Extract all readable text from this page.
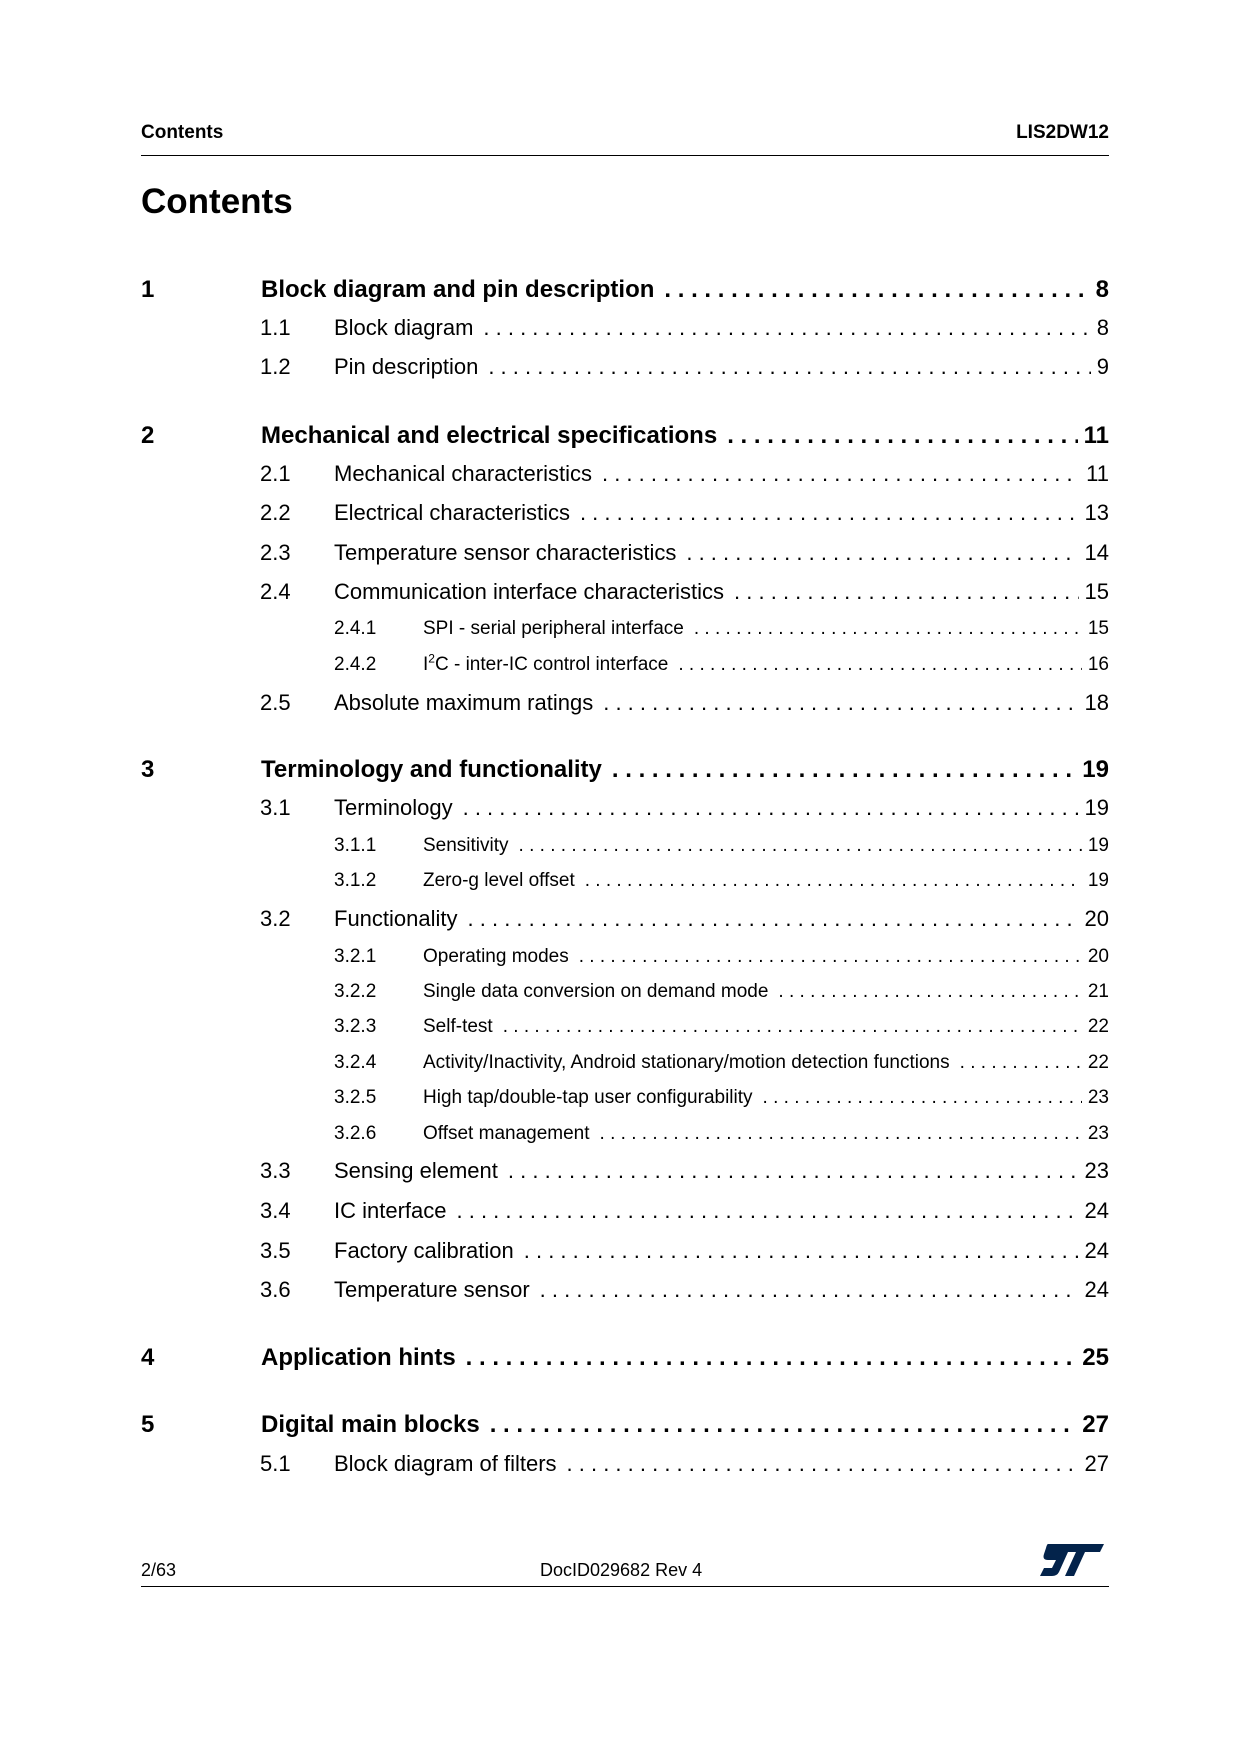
Contents	LIS2DW12
Contents
1	Block diagram and pin description . . .	8
1.1 Block diagram . . .	8
1.2 Pin description . . .	9
2	Mechanical and electrical specifications . . .	11
2.1 Mechanical characteristics . . .	11
2.2 Electrical characteristics . . .	13
2.3 Temperature sensor characteristics . . .	14
2.4 Communication interface characteristics . . .	15
2.4.1 SPI - serial peripheral interface . . .	15
2.4.2 $I^2C$ - inter-IC control interface . . .	16
2.5 Absolute maximum ratings . . .	18
3	Terminology and functionality . . .	19
3.1 Terminology . . .	19
3.1.1 Sensitivity . . .	19
3.1.2 Zero-g level offset . . .	19
3.2 Functionality . . .	20
3.2.1 Operating modes . . .	20
3.2.2 Single data conversion on demand mode . . .	21
3.2.3 Self-test . . .	22
3.2.4 Activity/Inactivity, Android stationary/motion detection functions . . .	22
3.2.5 High tap/double-tap user configurability . . .	23
3.2.6 Offset management . . .	23
3.3 Sensing element . . .	23
3.4 IC interface . . .	24
3.5 Factory calibration . . .	24
3.6 Temperature sensor . . .	24
4	Application hints . . .	25
5	Digital main blocks . . .	27
5.1 Block diagram of filters . . .	27
2/63	DocID029682 Rev 4
